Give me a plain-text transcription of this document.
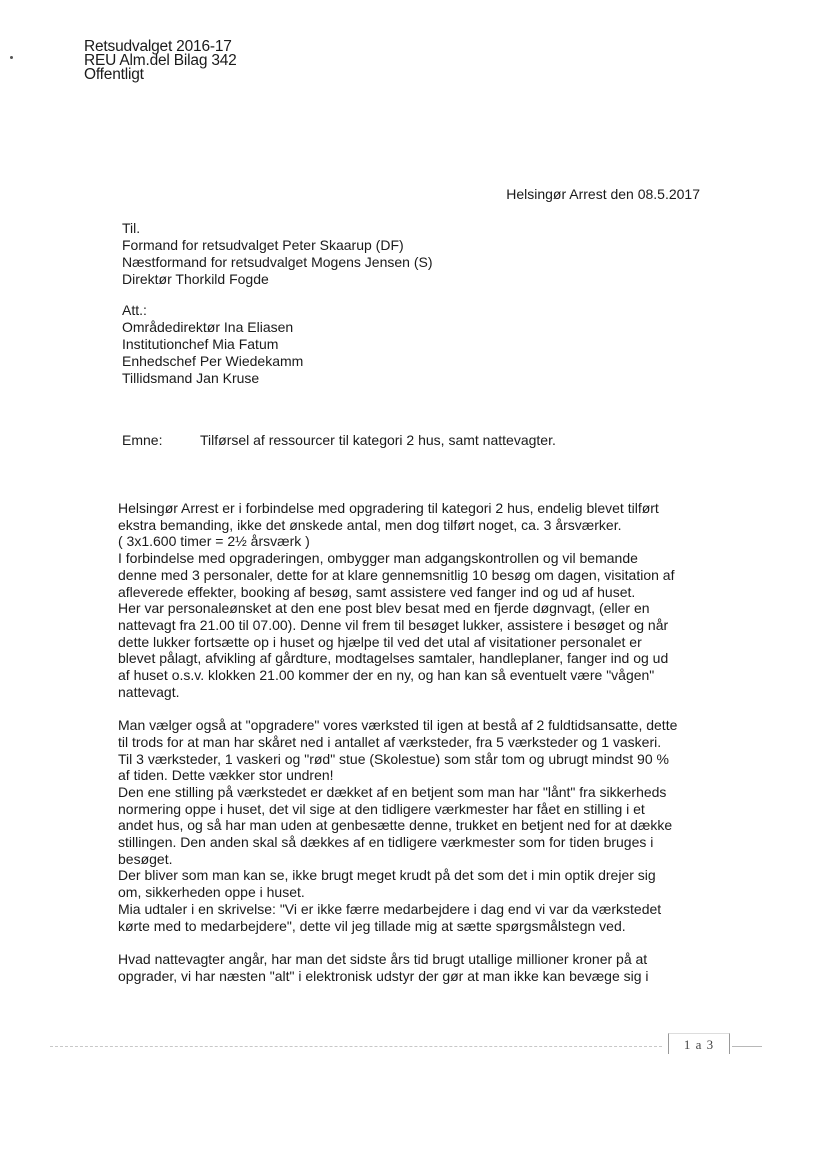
Retsudvalget 2016-17
REU Alm.del Bilag 342
Offentligt
Helsingør Arrest den 08.5.2017
Til.
Formand for retsudvalget Peter Skaarup (DF)
Næstformand for retsudvalget Mogens Jensen (S)
Direktør Thorkild Fogde
Att.:
Områdedirektør Ina Eliasen
Institutionchef Mia Fatum
Enhedschef Per Wiedekamm
Tillidsmand Jan Kruse
Emne:	Tilførsel af ressourcer til kategori 2 hus, samt nattevagter.
Helsingør Arrest er i forbindelse med opgradering til kategori 2 hus, endelig blevet tilført
ekstra bemanding, ikke det ønskede antal, men dog tilført noget, ca. 3 årsværker.
( 3x1.600 timer = 2½ årsværk )
I forbindelse med opgraderingen, ombygger man adgangskontrollen og vil bemande
denne med 3 personaler, dette for at klare gennemsnitlig 10 besøg om dagen, visitation af
afleverede effekter, booking af besøg, samt assistere ved fanger ind og ud af huset.
Her var personaleønsket at den ene post blev besat med en fjerde døgnvagt, (eller en
nattevagt fra 21.00 til 07.00). Denne vil frem til besøget lukker, assistere i besøget og når
dette lukker fortsætte op i huset og hjælpe til ved det utal af visitationer personalet er
blevet pålagt, afvikling af gårdture, modtagelses samtaler, handleplaner, fanger ind og ud
af huset o.s.v. klokken 21.00 kommer der en ny, og han kan så eventuelt være "vågen"
nattevagt.
Man vælger også at "opgradere" vores værksted til igen at bestå af 2 fuldtidsansatte, dette
til trods for at man har skåret ned i antallet af værksteder, fra 5 værksteder og 1 vaskeri.
Til 3 værksteder, 1 vaskeri og "rød" stue (Skolestue) som står tom og ubrugt mindst 90 %
af tiden. Dette vækker stor undren!
Den ene stilling på værkstedet er dækket af en betjent som man har "lånt" fra sikkerheds
normering oppe i huset, det vil sige at den tidligere værkmester har fået en stilling i et
andet hus, og så har man uden at genbesætte denne, trukket en betjent ned for at dække
stillingen. Den anden skal så dækkes af en tidligere værkmester som for tiden bruges i
besøget.
Der bliver som man kan se, ikke brugt meget krudt på det som det i min optik drejer sig
om, sikkerheden oppe i huset.
Mia udtaler i en skrivelse: "Vi er ikke færre medarbejdere i dag end vi var da værkstedet
kørte med to medarbejdere", dette vil jeg tillade mig at sætte spørgsmålstegn ved.
Hvad nattevagter angår, har man det sidste års tid brugt utallige millioner kroner på at
opgrader, vi har næsten "alt" i elektronisk udstyr der gør at man ikke kan bevæge sig i
1 a 3
